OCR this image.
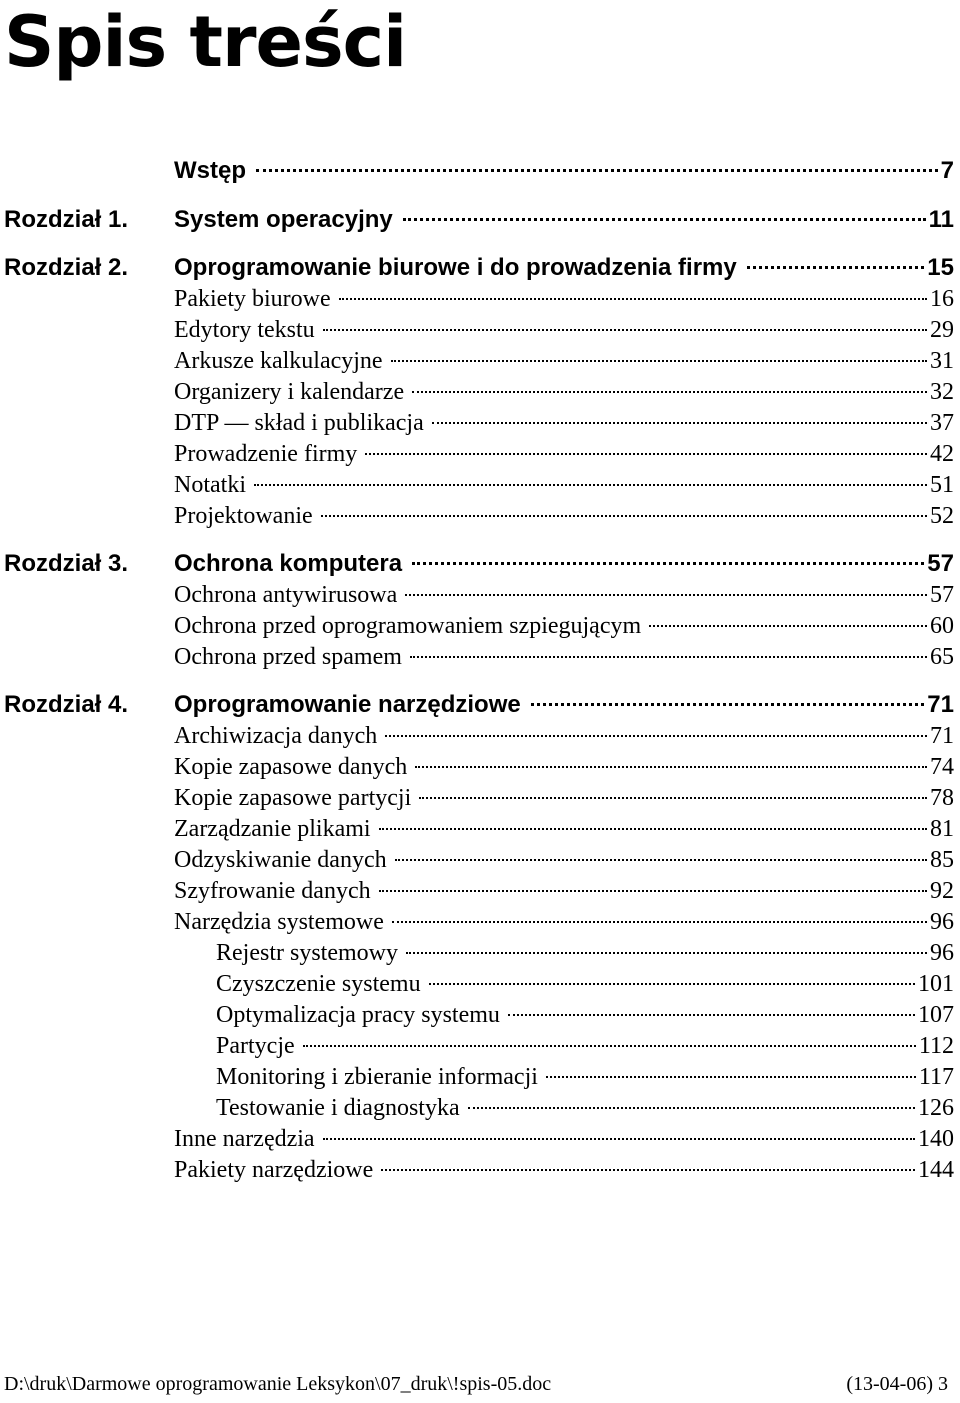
Spis treści
Wstęp	7
Rozdział 1. System operacyjny	11
Rozdział 2. Oprogramowanie biurowe i do prowadzenia firmy	15
Pakiety biurowe	16
Edytory tekstu	29
Arkusze kalkulacyjne	31
Organizery i kalendarze	32
DTP — skład i publikacja	37
Prowadzenie firmy	42
Notatki	51
Projektowanie	52
Rozdział 3. Ochrona komputera	57
Ochrona antywirusowa	57
Ochrona przed oprogramowaniem szpiegującym	60
Ochrona przed spamem	65
Rozdział 4. Oprogramowanie narzędziowe	71
Archiwizacja danych	71
Kopie zapasowe danych	74
Kopie zapasowe partycji	78
Zarządzanie plikami	81
Odzyskiwanie danych	85
Szyfrowanie danych	92
Narzędzia systemowe	96
Rejestr systemowy	96
Czyszczenie systemu	101
Optymalizacja pracy systemu	107
Partycje	112
Monitoring i zbieranie informacji	117
Testowanie i diagnostyka	126
Inne narzędzia	140
Pakiety narzędziowe	144
D:\druk\Darmowe oprogramowanie Leksykon\07_druk\!spis-05.doc	(13-04-06) 3
